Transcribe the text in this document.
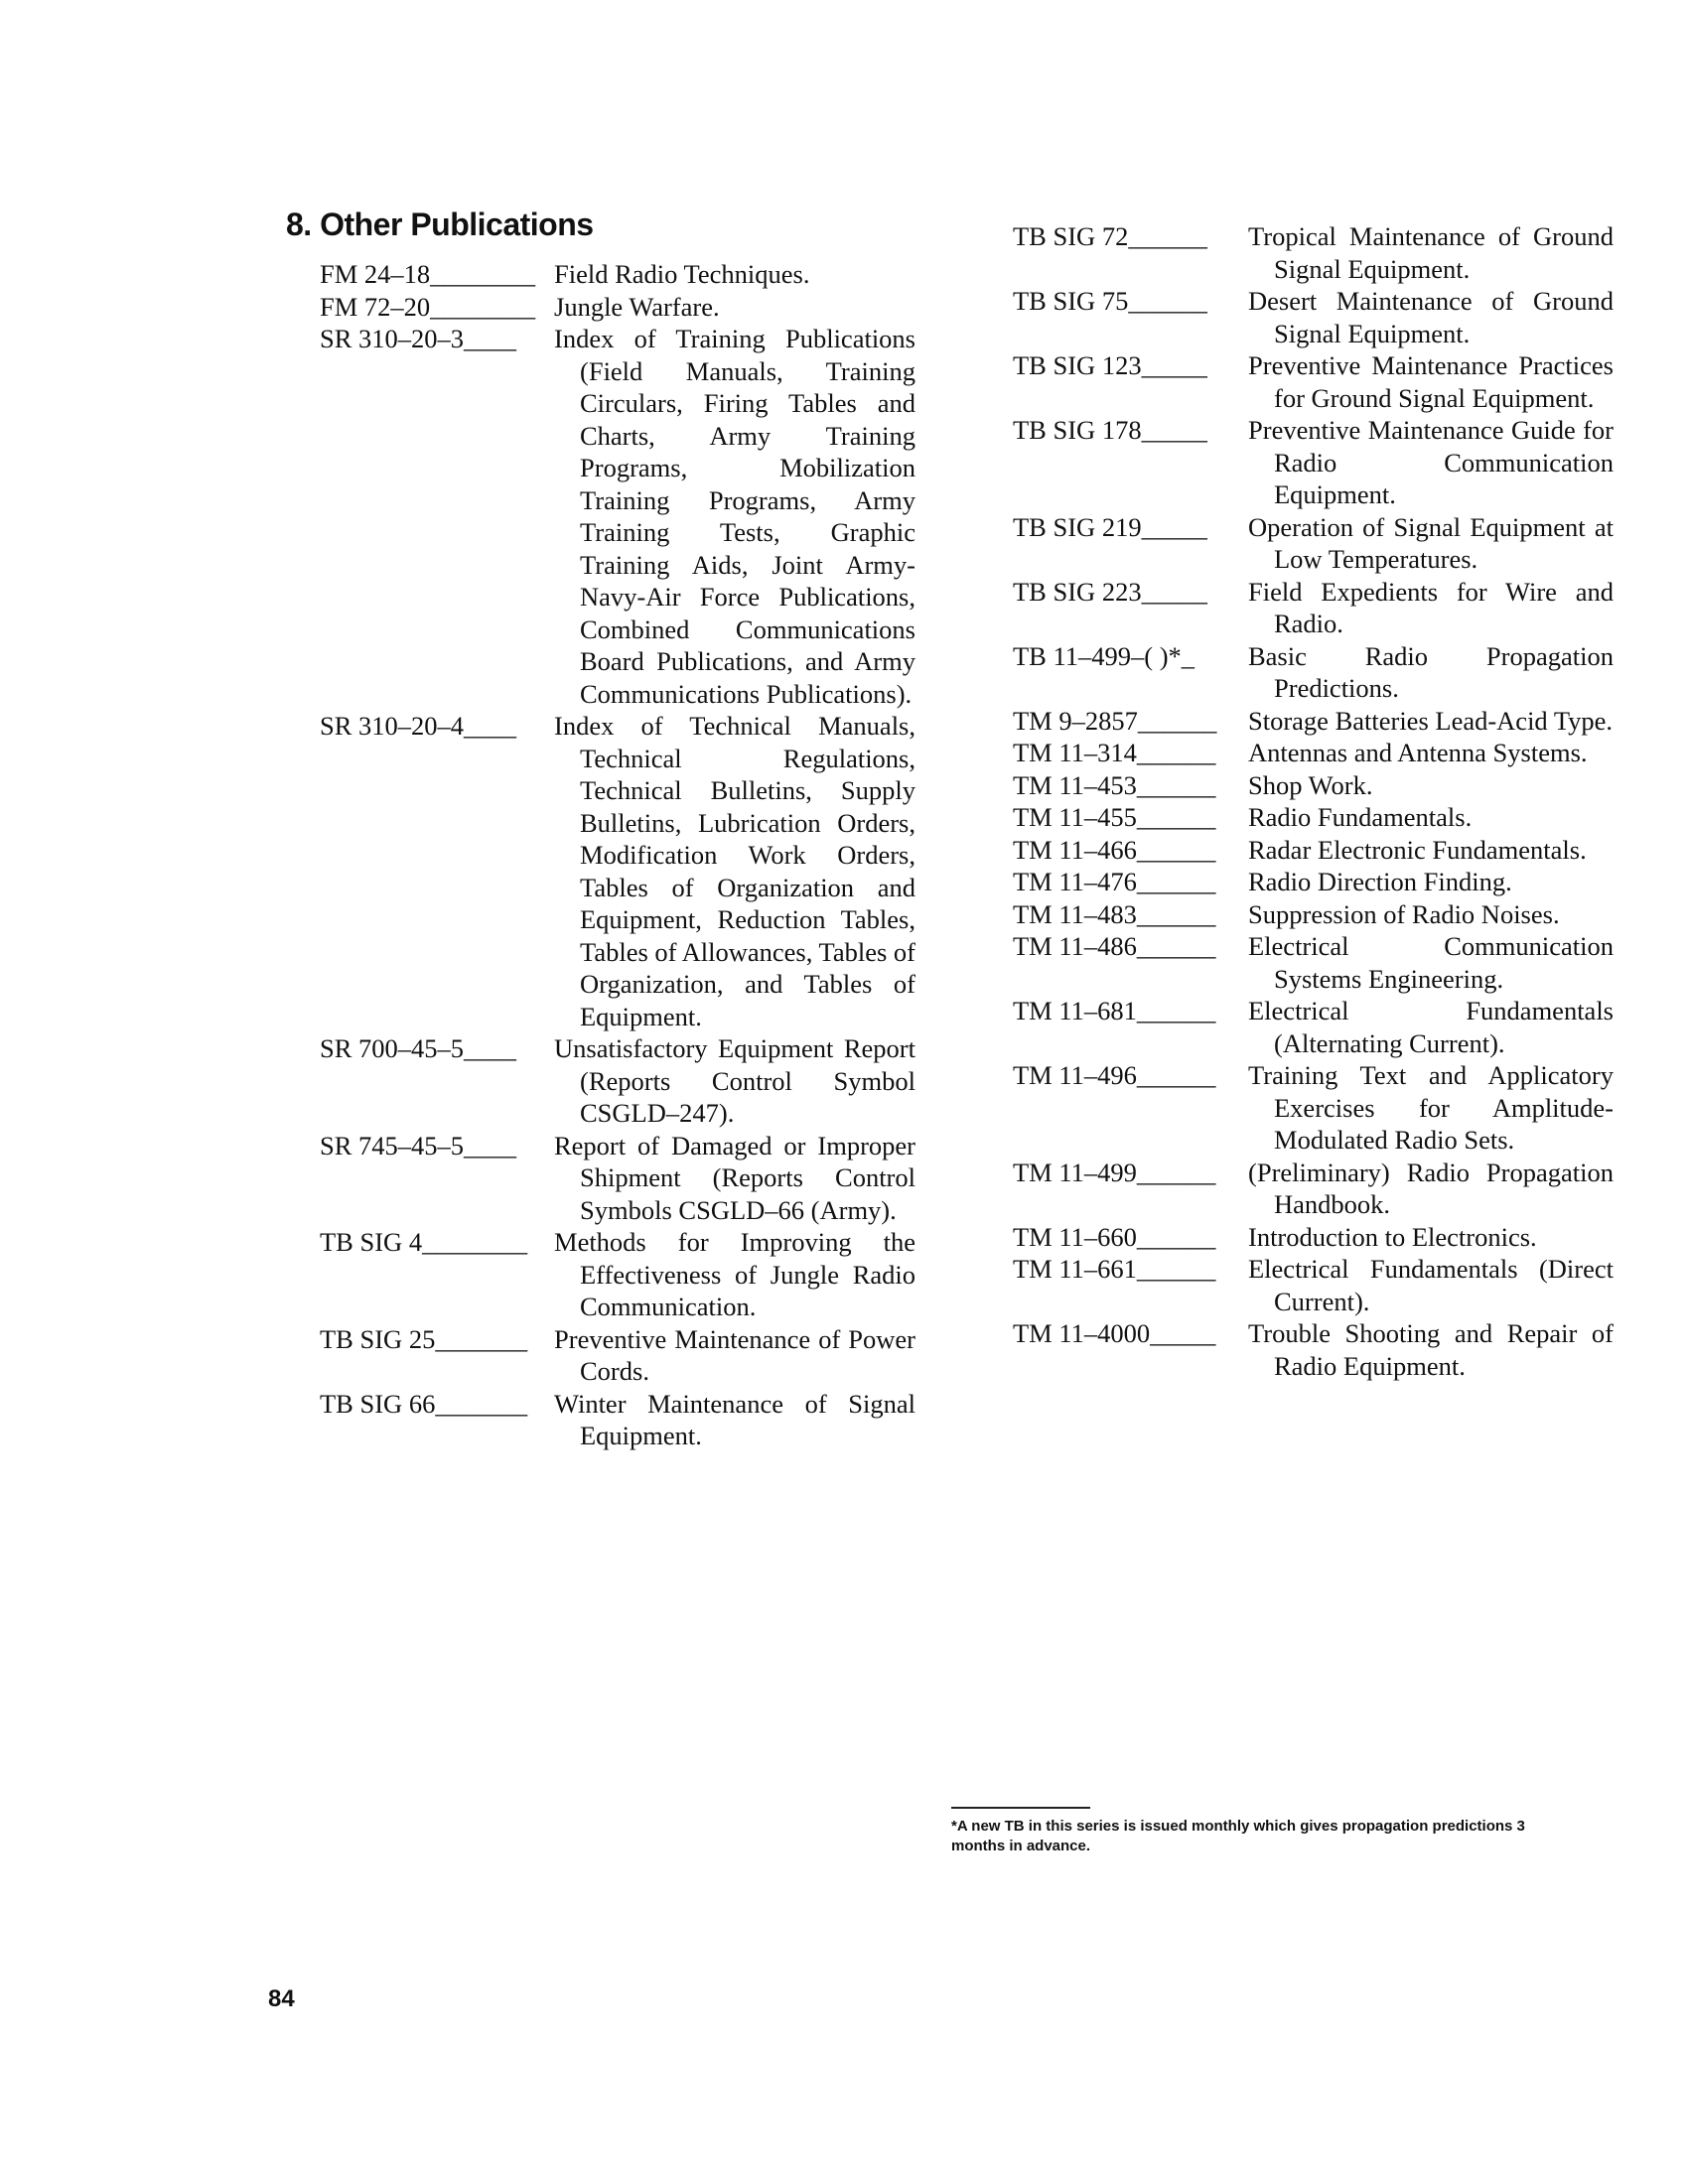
8. Other Publications
FM 24–18________ Field Radio Techniques.
FM 72–20________ Jungle Warfare.
SR 310–20–3____	Index of Training Publications (Field Manuals, Training Circulars, Firing Tables and Charts, Army Training Programs, Mobilization Training Programs, Army Training Tests, Graphic Training Aids, Joint Army-Navy-Air Force Publications, Combined Communications Board Publications, and Army Communications Publications).
SR 310–20–4____	Index of Technical Manuals, Technical Regulations, Technical Bulletins, Supply Bulletins, Lubrication Orders, Modification Work Orders, Tables of Organization and Equipment, Reduction Tables, Tables of Allowances, Tables of Organization, and Tables of Equipment.
SR 700–45–5____	Unsatisfactory Equipment Report (Reports Control Symbol CSGLD–247).
SR 745–45–5____	Report of Damaged or Improper Shipment (Reports Control Symbols CSGLD–66 (Army).
TB SIG 4________	Methods for Improving the Effectiveness of Jungle Radio Communication.
TB SIG 25_______	Preventive Maintenance of Power Cords.
TB SIG 66_______	Winter Maintenance of Signal Equipment.
TB SIG 72______	Tropical Maintenance of Ground Signal Equipment.
TB SIG 75______	Desert Maintenance of Ground Signal Equipment.
TB SIG 123_____	Preventive Maintenance Practices for Ground Signal Equipment.
TB SIG 178_____	Preventive Maintenance Guide for Radio Communication Equipment.
TB SIG 219_____	Operation of Signal Equipment at Low Temperatures.
TB SIG 223_____	Field Expedients for Wire and Radio.
TB 11–499–( )*_	Basic Radio Propagation Predictions.
TM 9–2857______	Storage Batteries Lead-Acid Type.
TM 11–314______	Antennas and Antenna Systems.
TM 11–453______	Shop Work.
TM 11–455______	Radio Fundamentals.
TM 11–466______	Radar Electronic Fundamentals.
TM 11–476______	Radio Direction Finding.
TM 11–483______	Suppression of Radio Noises.
TM 11–486______	Electrical Communication Systems Engineering.
TM 11–681______	Electrical Fundamentals (Alternating Current).
TM 11–496______	Training Text and Applicatory Exercises for Amplitude-Modulated Radio Sets.
TM 11–499______	(Preliminary) Radio Propagation Handbook.
TM 11–660______	Introduction to Electronics.
TM 11–661______	Electrical Fundamentals (Direct Current).
TM 11–4000_____	Trouble Shooting and Repair of Radio Equipment.
*A new TB in this series is issued monthly which gives propagation predictions 3 months in advance.
84
